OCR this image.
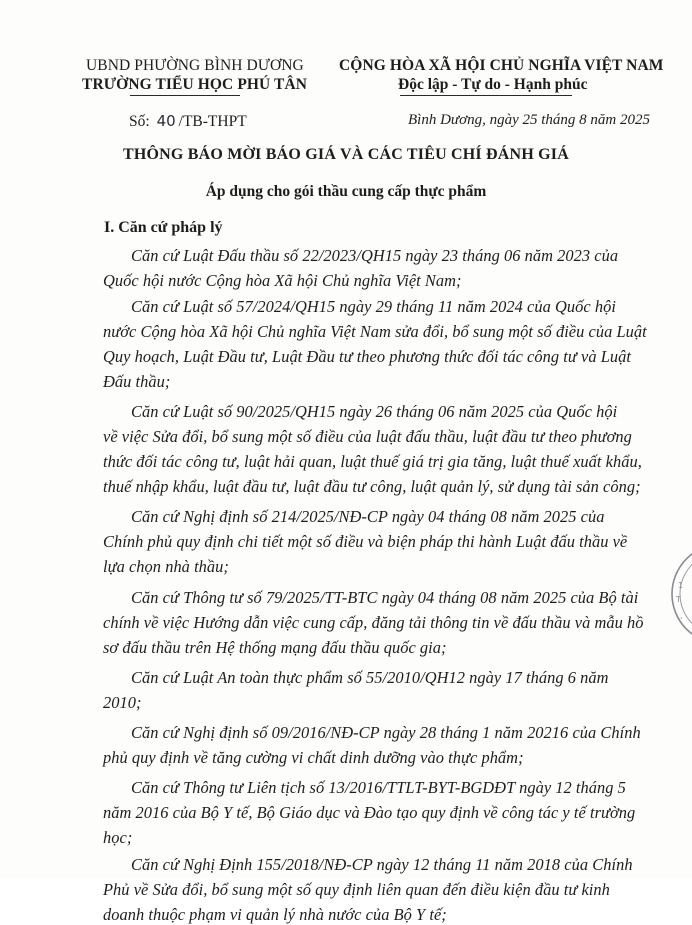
UBND PHƯỜNG BÌNH DƯƠNG
TRƯỜNG TIỂU HỌC PHÚ TÂN
CỘNG HÒA XÃ HỘI CHỦ NGHĨA VIỆT NAM
Độc lập - Tự do - Hạnh phúc
Số: 40 /TB-THPT	Bình Dương, ngày 25 tháng 8 năm 2025
THÔNG BÁO MỜI BÁO GIÁ VÀ CÁC TIÊU CHÍ ĐÁNH GIÁ
Áp dụng cho gói thầu cung cấp thực phẩm
I. Căn cứ pháp lý
Căn cứ Luật Đấu thầu số 22/2023/QH15 ngày 23 tháng 06 năm 2023 của
Quốc hội nước Cộng hòa Xã hội Chủ nghĩa Việt Nam;
Căn cứ Luật số 57/2024/QH15 ngày 29 tháng 11 năm 2024 của Quốc hội
nước Cộng hòa Xã hội Chủ nghĩa Việt Nam sửa đổi, bổ sung một số điều của Luật
Quy hoạch, Luật Đầu tư, Luật Đầu tư theo phương thức đối tác công tư và Luật
Đấu thầu;
Căn cứ Luật số 90/2025/QH15 ngày 26 tháng 06 năm 2025 của Quốc hội
về việc Sửa đổi, bổ sung một số điều của luật đấu thầu, luật đầu tư theo phương
thức đối tác công tư, luật hải quan, luật thuế giá trị gia tăng, luật thuế xuất khẩu,
thuế nhập khẩu, luật đầu tư, luật đầu tư công, luật quản lý, sử dụng tài sản công;
Căn cứ Nghị định số 214/2025/NĐ-CP ngày 04 tháng 08 năm 2025 của
Chính phủ quy định chi tiết một số điều và biện pháp thi hành Luật đấu thầu về
lựa chọn nhà thầu;
Căn cứ Thông tư số 79/2025/TT-BTC ngày 04 tháng 08 năm 2025 của Bộ tài
chính về việc Hướng dẫn việc cung cấp, đăng tải thông tin về đấu thầu và mẫu hồ
sơ đấu thầu trên Hệ thống mạng đấu thầu quốc gia;
Căn cứ Luật An toàn thực phẩm số 55/2010/QH12 ngày 17 tháng 6 năm
2010;
Căn cứ Nghị định số 09/2016/NĐ-CP ngày 28 tháng 1 năm 20216 của Chính
phủ quy định về tăng cường vi chất dinh dưỡng vào thực phẩm;
Căn cứ Thông tư Liên tịch số 13/2016/TTLT-BYT-BGDĐT ngày 12 tháng 5
năm 2016 của Bộ Y tế, Bộ Giáo dục và Đào tạo quy định về công tác y tế trường
học;
Căn cứ Nghị Định 155/2018/NĐ-CP ngày 12 tháng 11 năm 2018 của Chính
Phủ về Sửa đổi, bổ sung một số quy định liên quan đến điều kiện đầu tư kinh
doanh thuộc phạm vi quản lý nhà nước của Bộ Y tế;
1
T
,
